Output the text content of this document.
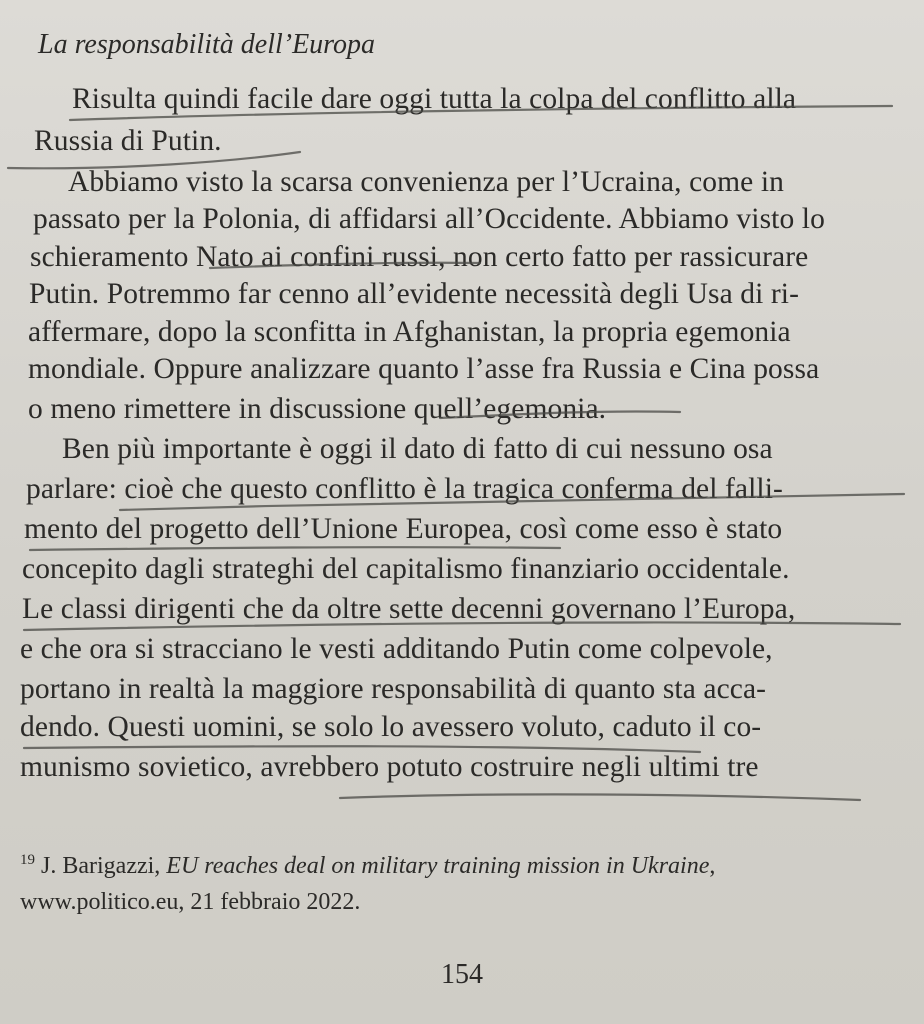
La responsabilità dell’Europa
Risulta quindi facile dare oggi tutta la colpa del conflitto alla
Russia di Putin.
Abbiamo visto la scarsa convenienza per l’Ucraina, come in
passato per la Polonia, di affidarsi all’Occidente. Abbiamo visto lo
schieramento Nato ai confini russi, non certo fatto per rassicurare
Putin. Potremmo far cenno all’evidente necessità degli Usa di ri-
affermare, dopo la sconfitta in Afghanistan, la propria egemonia
mondiale. Oppure analizzare quanto l’asse fra Russia e Cina possa
o meno rimettere in discussione quell’egemonia.
Ben più importante è oggi il dato di fatto di cui nessuno osa
parlare: cioè che questo conflitto è la tragica conferma del falli-
mento del progetto dell’Unione Europea, così come esso è stato
concepito dagli strateghi del capitalismo finanziario occidentale.
Le classi dirigenti che da oltre sette decenni governano l’Europa,
e che ora si stracciano le vesti additando Putin come colpevole,
portano in realtà la maggiore responsabilità di quanto sta acca-
dendo. Questi uomini, se solo lo avessero voluto, caduto il co-
munismo sovietico, avrebbero potuto costruire negli ultimi tre
$^{19}$ J. Barigazzi, EU reaches deal on military training mission in Ukraine,
www.politico.eu, 21 febbraio 2022.
154
